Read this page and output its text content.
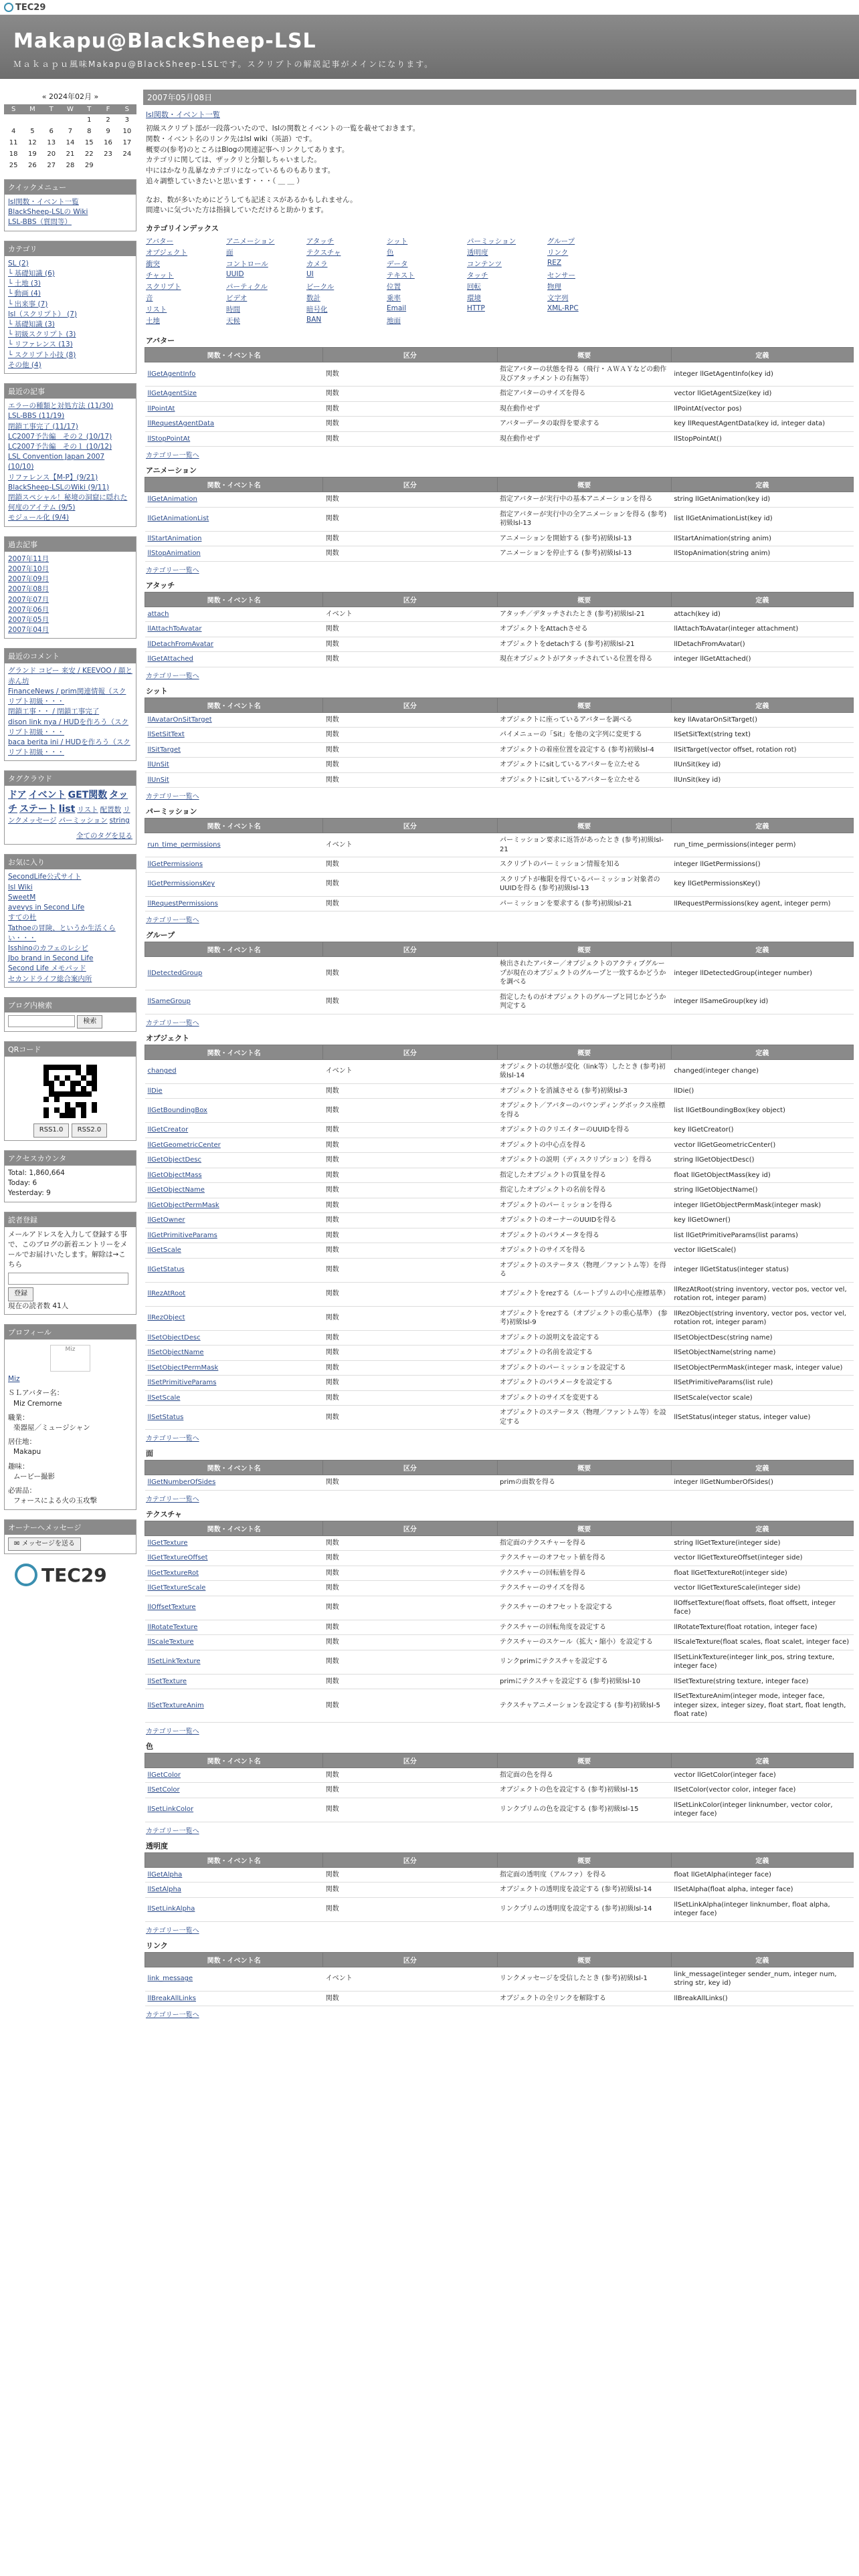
TEC29
Makapu@BlackSheep-LSL
Ｍａｋａｐｕ風味Makapu@BlackSheep-LSLです。スクリプトの解説記事がメインになります。
« 2024年02月 »
S	M	T	W	T	F	S
				1	2	3
4	5	6	7	8	9	10
11	12	13	14	15	16	17
18	19	20	21	22	23	24
25	26	27	28	29		
クイックメニュー
lsl関数・イベント一覧
BlackSheep-LSLの Wiki
LSL-BBS（質問等）
カテゴリ
SL (2)
└ 基礎知識 (6)
└ 土地 (3)
└ 動画 (4)
└ 出来事 (7)
lsl（スクリプト） (7)
└ 基礎知識 (3)
└ 初級スクリプト (3)
└ リファレンス (13)
└ スクリプト小技 (8)
その他 (4)
最近の記事
エラーの種類と対処方法 (11/30)
LSL-BBS (11/19)
閉鎖工事完了 (11/17)
LC2007予告編　その２ (10/17)
LC2007予告編　その１ (10/12)
LSL Convention Japan 2007 (10/10)
リファレンス【M-P】(9/21)
BlackSheep-LSLのWiki (9/11)
閉鎖スペシャル！秘境の洞窟に隠れた何度のアイテム (9/5)
モジュール化 (9/4)
過去記事
2007年11月
2007年10月
2007年09月
2007年08月
2007年07月
2007年06月
2007年05月
2007年04月
最近のコメント
グランド コピー 来安 / KEEVOO / 顔と赤ん坊
FinanceNews / prim関連情報（スクリプト初級・・・
閉鎖工事・・ / 閉鎖工事完了
dison link nya / HUDを作ろう（スクリプト初級・・・
baca berita ini / HUDを作ろう（スクリプト初級・・・
タグクラウド
ドア イベント GET関数 タッチ ステート list リスト 配置数 リンクメッセージ パーミッション string
全てのタグを見る
お気に入り
SecondLife公式サイト
lsl Wiki
SweetM
avevys in Second Life
すての杜
Tathoeの冒険、というか生活くらい・・・
Isshinoのカフェのレシピ
Jbo brand in Second Life
Second Life メモパッド
セカンドライフ総合案内所
ブログ内検索
検索
QRコード
RSS1.0 RSS2.0
アクセスカウンタ
Total: 1,860,664
Today: 6
Yesterday: 9
読者登録
メールアドレスを入力して登録する事で、このブログの新着エントリーをメールでお届けいたします。解除は→こちら
登録
現在の読者数 41人
プロフィール
Miz
Miz
ＳＬアバター名：
Miz Cremorne
職業：
楽器屋／ミュージシャン
居住地：
Makapu
趣味：
ムービー撮影
必需品：
フォースによる火の玉攻撃
オーナーへメッセージ
✉ メッセージを送る
TEC29
2007年05月08日
lsl関数・イベント一覧
初級スクリプト部が一段落ついたので、lslの関数とイベントの一覧を載せておきます。
関数・イベント名のリンク先はlsl wiki（英語）です。
概要の(参考)のところはBlogの関連記事へリンクしてあります。
カテゴリに関しては、ザックリと分類しちゃいました。
中にはかなり乱暴なカテゴリになっているものもあります。
追々調整していきたいと思います・・・（ ＿ ＿ ）
なお、数が多いためにどうしても記述ミスがあるかもしれません。
間違いに気づいた方は指摘していただけると助かります。
カテゴリインデックス
アバター	アニメーション	アタッチ	シット	パーミッション	グループ
オブジェクト	面	テクスチャ	色	透明度	リンク
衝突	コントロール	カメラ	データ	コンテンツ	REZ
チャット	UUID	UI	テキスト	タッチ	センサー
スクリプト	パーティクル	ビークル	位置	回転	物理
音	ビデオ	数計	乗率	環境	文字列
リスト	時間	暗号化	Email	HTTP	XML-RPC
土地	天候	BAN	地面
アバター
関数・イベント名	区分	概要	定義
llGetAgentInfo	関数	指定アバターの状態を得る（飛行・ＡＷＡＹなどの動作及びアタッチメントの有無等）	integer llGetAgentInfo(key id)
llGetAgentSize	関数	指定アバターのサイズを得る	vector llGetAgentSize(key id)
llPointAt	関数	現在動作せず	llPointAt(vector pos)
llRequestAgentData	関数	アバターデータの取得を要求する	key llRequestAgentData(key id, integer data)
llStopPointAt	関数	現在動作せず	llStopPointAt()
カテゴリー一覧へ
アニメーション
関数・イベント名	区分	概要	定義
llGetAnimation	関数	指定アバターが実行中の基本アニメーションを得る	string llGetAnimation(key id)
llGetAnimationList	関数	指定アバターが実行中の全アニメーションを得る (参考)初級lsl-13	list llGetAnimationList(key id)
llStartAnimation	関数	アニメーションを開始する (参考)初級lsl-13	llStartAnimation(string anim)
llStopAnimation	関数	アニメーションを停止する (参考)初級lsl-13	llStopAnimation(string anim)
カテゴリー一覧へ
アタッチ
関数・イベント名	区分	概要	定義
attach	イベント	アタッチ／デタッチされたとき (参考)初級lsl-21	attach(key id)
llAttachToAvatar	関数	オブジェクトをAttachさせる	llAttachToAvatar(integer attachment)
llDetachFromAvatar	関数	オブジェクトをdetachする (参考)初級lsl-21	llDetachFromAvatar()
llGetAttached	関数	現在オブジェクトがアタッチされている位置を得る	integer llGetAttached()
カテゴリー一覧へ
シット
関数・イベント名	区分	概要	定義
llAvatarOnSitTarget	関数	オブジェクトに座っているアバターを調べる	key llAvatarOnSitTarget()
llSetSitText	関数	パイメニューの「Sit」を他の文字列に変更する	llSetSitText(string text)
llSitTarget	関数	オブジェクトの着座位置を設定する (参考)初級lsl-4	llSitTarget(vector offset, rotation rot)
llUnSit	関数	オブジェクトにsitしているアバターを立たせる	llUnSit(key id)
llUnSit	関数	オブジェクトにsitしているアバターを立たせる	llUnSit(key id)
カテゴリー一覧へ
パーミッション
関数・イベント名	区分	概要	定義
run_time_permissions	イベント	パーミッション要求に返答があったとき (参考)初級lsl-21	run_time_permissions(integer perm)
llGetPermissions	関数	スクリプトのパーミッション情報を知る	integer llGetPermissions()
llGetPermissionsKey	関数	スクリプトが権限を得ているパーミッション対象者のUUIDを得る (参考)初級lsl-13	key llGetPermissionsKey()
llRequestPermissions	関数	パーミッションを要求する (参考)初級lsl-21	llRequestPermissions(key agent, integer perm)
カテゴリー一覧へ
グループ
関数・イベント名	区分	概要	定義
llDetectedGroup	関数	検出されたアバター／オブジェクトのアクティブグループが現在のオブジェクトのグループと一致するかどうかを調べる	integer llDetectedGroup(integer number)
llSameGroup	関数	指定したものがオブジェクトのグループと同じかどうか判定する	integer llSameGroup(key id)
カテゴリー一覧へ
オブジェクト
関数・イベント名	区分	概要	定義
changed	イベント	オブジェクトの状態が変化（link等）したとき (参考)初級lsl-14	changed(integer change)
llDie	関数	オブジェクトを消滅させる (参考)初級lsl-3	llDie()
llGetBoundingBox	関数	オブジェクト／アバターのバウンディングボックス座標を得る	list llGetBoundingBox(key object)
llGetCreator	関数	オブジェクトのクリエイターのUUIDを得る	key llGetCreator()
llGetGeometricCenter	関数	オブジェクトの中心点を得る	vector llGetGeometricCenter()
llGetObjectDesc	関数	オブジェクトの説明（ディスクリプション）を得る	string llGetObjectDesc()
llGetObjectMass	関数	指定したオブジェクトの質量を得る	float llGetObjectMass(key id)
llGetObjectName	関数	指定したオブジェクトの名前を得る	string llGetObjectName()
llGetObjectPermMask	関数	オブジェクトのパーミッションを得る	integer llGetObjectPermMask(integer mask)
llGetOwner	関数	オブジェクトのオーナーのUUIDを得る	key llGetOwner()
llGetPrimitiveParams	関数	オブジェクトのパラメータを得る	list llGetPrimitiveParams(list params)
llGetScale	関数	オブジェクトのサイズを得る	vector llGetScale()
llGetStatus	関数	オブジェクトのステータス（物理／ファントム等）を得る	integer llGetStatus(integer status)
llRezAtRoot	関数	オブジェクトをrezする（ルートプリムの中心座標基準）	llRezAtRoot(string inventory, vector pos, vector vel, rotation rot, integer param)
llRezObject	関数	オブジェクトをrezする（オブジェクトの重心基準） (参考)初級lsl-9	llRezObject(string inventory, vector pos, vector vel, rotation rot, integer param)
llSetObjectDesc	関数	オブジェクトの説明文を設定する	llSetObjectDesc(string name)
llSetObjectName	関数	オブジェクトの名前を設定する	llSetObjectName(string name)
llSetObjectPermMask	関数	オブジェクトのパーミッションを設定する	llSetObjectPermMask(integer mask, integer value)
llSetPrimitiveParams	関数	オブジェクトのパラメータを設定する	llSetPrimitiveParams(list rule)
llSetScale	関数	オブジェクトのサイズを変更する	llSetScale(vector scale)
llSetStatus	関数	オブジェクトのステータス（物理／ファントム等）を設定する	llSetStatus(integer status, integer value)
カテゴリー一覧へ
面
関数・イベント名	区分	概要	定義
llGetNumberOfSides	関数	primの面数を得る	integer llGetNumberOfSides()
カテゴリー一覧へ
テクスチャ
関数・イベント名	区分	概要	定義
llGetTexture	関数	指定面のテクスチャーを得る	string llGetTexture(integer side)
llGetTextureOffset	関数	テクスチャーのオフセット値を得る	vector llGetTextureOffset(integer side)
llGetTextureRot	関数	テクスチャーの回転値を得る	float llGetTextureRot(integer side)
llGetTextureScale	関数	テクスチャーのサイズを得る	vector llGetTextureScale(integer side)
llOffsetTexture	関数	テクスチャーのオフセットを設定する	llOffsetTexture(float offsets, float offsett, integer face)
llRotateTexture	関数	テクスチャーの回転角度を設定する	llRotateTexture(float rotation, integer face)
llScaleTexture	関数	テクスチャーのスケール（拡大・縮小）を設定する	llScaleTexture(float scales, float scalet, integer face)
llSetLinkTexture	関数	リンクprimにテクスチャを設定する	llSetLinkTexture(integer link_pos, string texture, integer face)
llSetTexture	関数	primにテクスチャを設定する (参考)初級lsl-10	llSetTexture(string texture, integer face)
llSetTextureAnim	関数	テクスチャアニメーションを設定する (参考)初級lsl-5	llSetTextureAnim(integer mode, integer face, integer sizex, integer sizey, float start, float length, float rate)
カテゴリー一覧へ
色
関数・イベント名	区分	概要	定義
llGetColor	関数	指定面の色を得る	vector llGetColor(integer face)
llSetColor	関数	オブジェクトの色を設定する (参考)初級lsl-15	llSetColor(vector color, integer face)
llSetLinkColor	関数	リンクプリムの色を設定する (参考)初級lsl-15	llSetLinkColor(integer linknumber, vector color, integer face)
カテゴリー一覧へ
透明度
関数・イベント名	区分	概要	定義
llGetAlpha	関数	指定面の透明度（アルファ）を得る	float llGetAlpha(integer face)
llSetAlpha	関数	オブジェクトの透明度を設定する (参考)初級lsl-14	llSetAlpha(float alpha, integer face)
llSetLinkAlpha	関数	リンクプリムの透明度を設定する (参考)初級lsl-14	llSetLinkAlpha(integer linknumber, float alpha, integer face)
カテゴリー一覧へ
リンク
関数・イベント名	区分	概要	定義
link_message	イベント	リンクメッセージを受信したとき (参考)初級lsl-1	link_message(integer sender_num, integer num, string str, key id)
llBreakAllLinks	関数	オブジェクトの全リンクを解除する	llBreakAllLinks()
カテゴリー一覧へ
